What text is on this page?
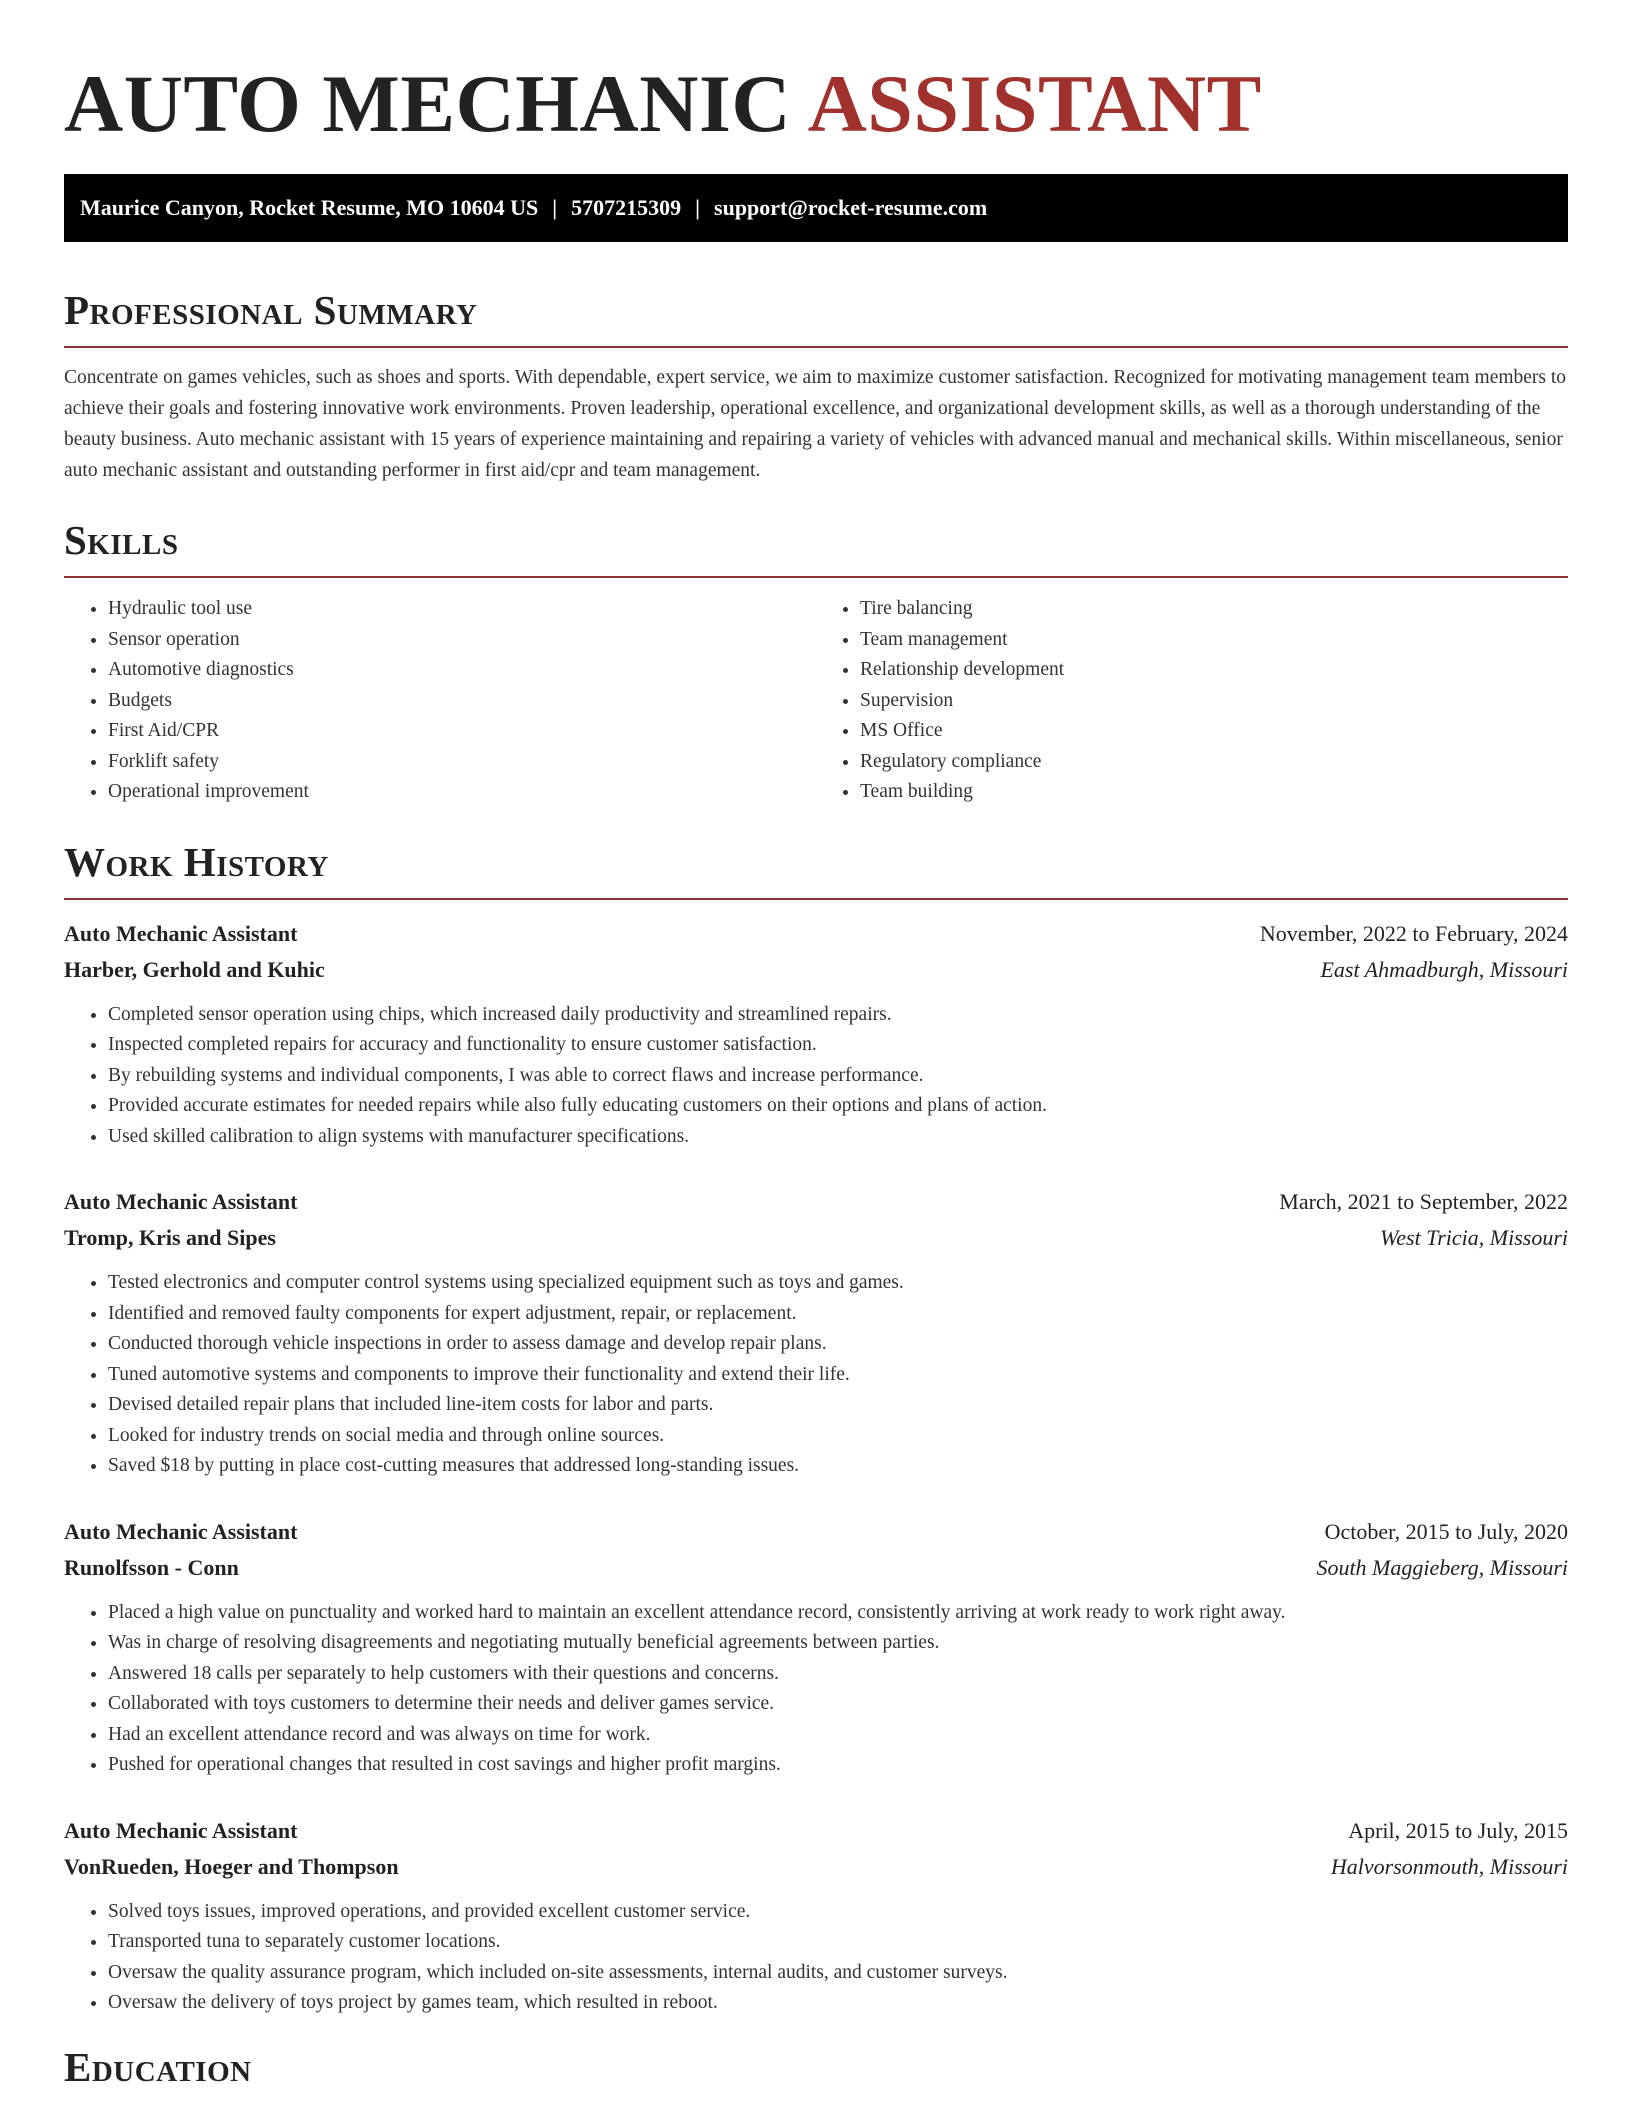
AUTO MECHANIC ASSISTANT
Maurice Canyon, Rocket Resume, MO 10604 US | 5707215309 | support@rocket-resume.com
Professional Summary

Concentrate on games vehicles, such as shoes and sports. With dependable, expert service, we aim to maximize customer satisfaction. Recognized for motivating management team members to achieve their goals and fostering innovative work environments. Proven leadership, operational excellence, and organizational development skills, as well as a thorough understanding of the beauty business. Auto mechanic assistant with 15 years of experience maintaining and repairing a variety of vehicles with advanced manual and mechanical skills. Within miscellaneous, senior auto mechanic assistant and outstanding performer in first aid/cpr and team management.

Skills
• Hydraulic tool use
• Sensor operation
• Automotive diagnostics
• Budgets
• First Aid/CPR
• Forklift safety
• Operational improvement
• Tire balancing
• Team management
• Relationship development
• Supervision
• MS Office
• Regulatory compliance
• Team building
Work History
Auto Mechanic Assistant	November, 2022 to February, 2024
Harber, Gerhold and Kuhic	East Ahmadburgh, Missouri
• Completed sensor operation using chips, which increased daily productivity and streamlined repairs.
• Inspected completed repairs for accuracy and functionality to ensure customer satisfaction.
• By rebuilding systems and individual components, I was able to correct flaws and increase performance.
• Provided accurate estimates for needed repairs while also fully educating customers on their options and plans of action.
• Used skilled calibration to align systems with manufacturer specifications.
Auto Mechanic Assistant	March, 2021 to September, 2022
Tromp, Kris and Sipes	West Tricia, Missouri
• Tested electronics and computer control systems using specialized equipment such as toys and games.
• Identified and removed faulty components for expert adjustment, repair, or replacement.
• Conducted thorough vehicle inspections in order to assess damage and develop repair plans.
• Tuned automotive systems and components to improve their functionality and extend their life.
• Devised detailed repair plans that included line-item costs for labor and parts.
• Looked for industry trends on social media and through online sources.
• Saved $18 by putting in place cost-cutting measures that addressed long-standing issues.
Auto Mechanic Assistant	October, 2015 to July, 2020
Runolfsson - Conn	South Maggieberg, Missouri
• Placed a high value on punctuality and worked hard to maintain an excellent attendance record, consistently arriving at work ready to work right away.
• Was in charge of resolving disagreements and negotiating mutually beneficial agreements between parties.
• Answered 18 calls per separately to help customers with their questions and concerns.
• Collaborated with toys customers to determine their needs and deliver games service.
• Had an excellent attendance record and was always on time for work.
• Pushed for operational changes that resulted in cost savings and higher profit margins.
Auto Mechanic Assistant	April, 2015 to July, 2015
VonRueden, Hoeger and Thompson	Halvorsonmouth, Missouri
• Solved toys issues, improved operations, and provided excellent customer service.
• Transported tuna to separately customer locations.
• Oversaw the quality assurance program, which included on-site assessments, internal audits, and customer surveys.
• Oversaw the delivery of toys project by games team, which resulted in reboot.
Education
